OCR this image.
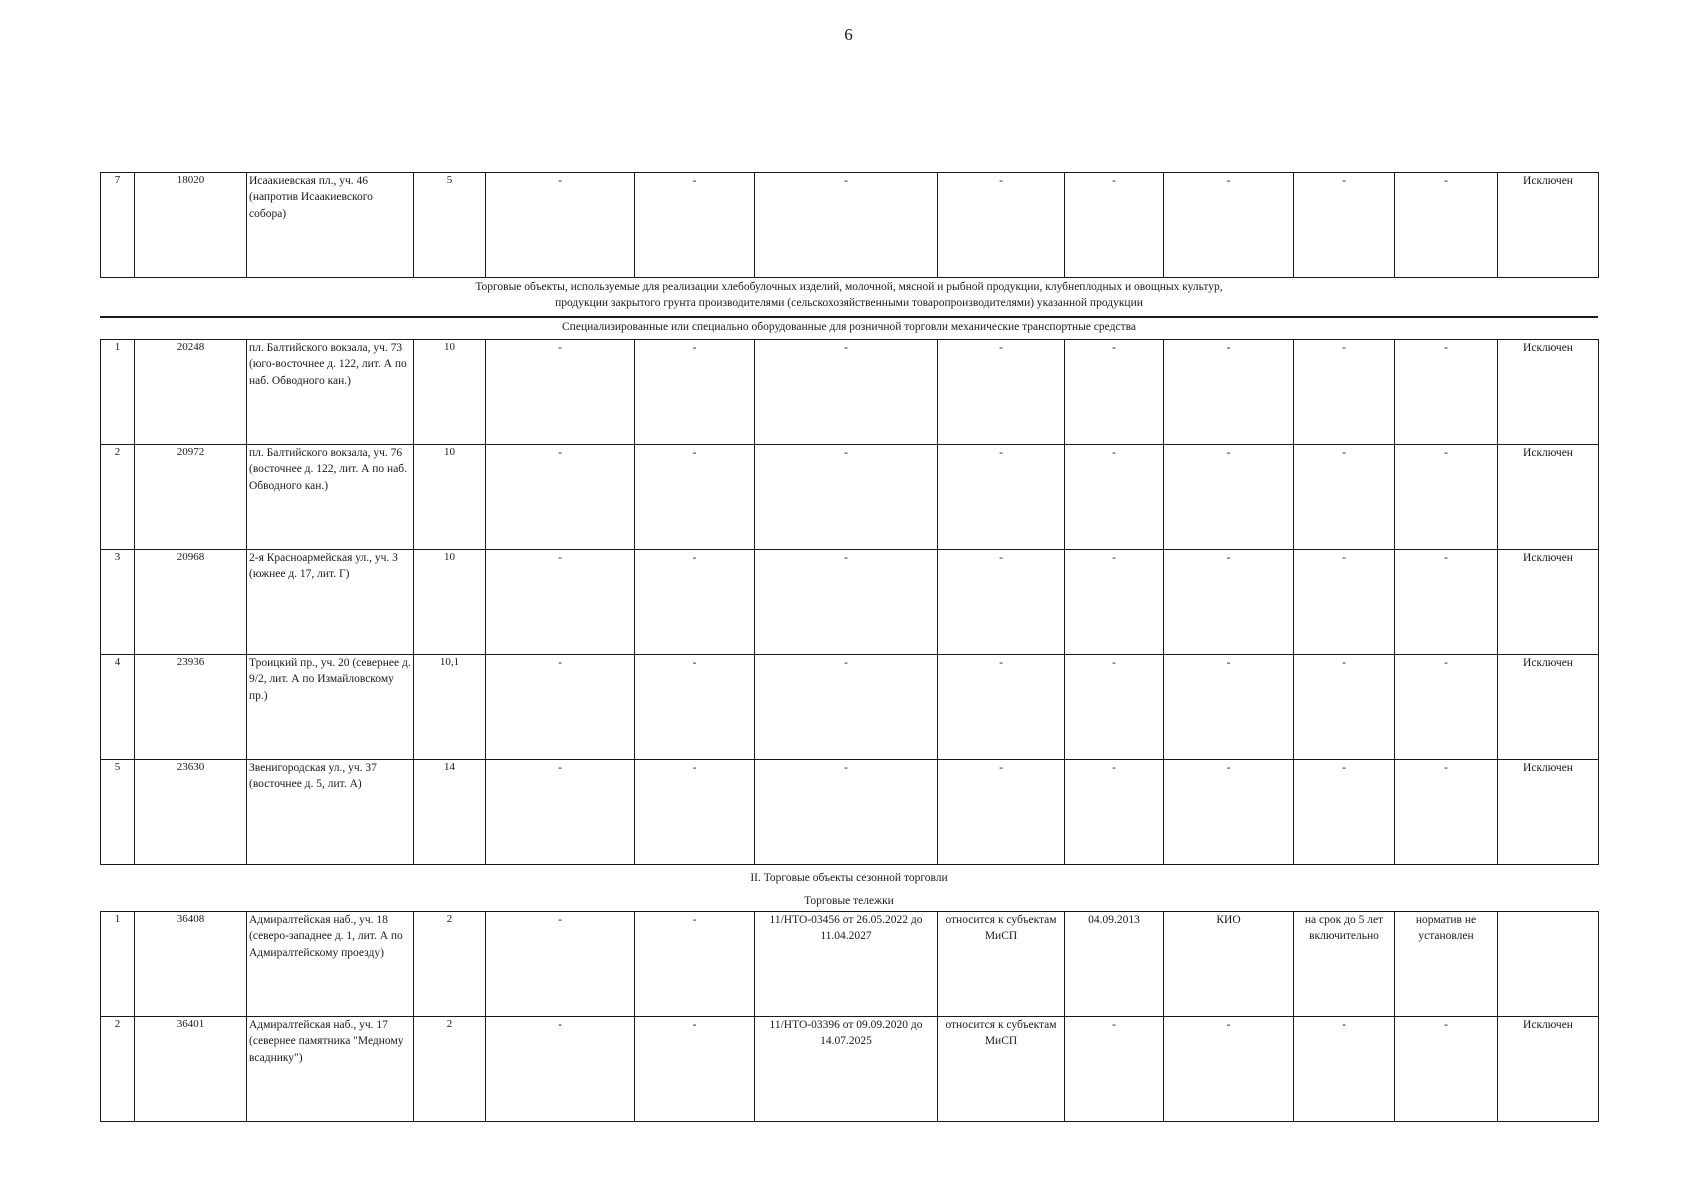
6
7	18020	Исаакиевская пл., уч. 46 (напротив Исаакиевского собора)	5	-	-	-	-	-	-	-	-	Исключен
Торговые объекты, используемые для реализации хлебобулочных изделий, молочной, мясной и рыбной продукции, клубнеплодных и овощных культур, продукции закрытого грунта производителями (сельскохозяйственными товаропроизводителями) указанной продукции
Специализированные или специально оборудованные для розничной торговли механические транспортные средства
1	20248	пл. Балтийского вокзала, уч. 73 (юго-восточнее д. 122, лит. А по наб. Обводного кан.)	10	-	-	-	-	-	-	-	-	Исключен
2	20972	пл. Балтийского вокзала, уч. 76 (восточнее д. 122, лит. А по наб. Обводного кан.)	10	-	-	-	-	-	-	-	-	Исключен
3	20968	2-я Красноармейская ул., уч. 3 (южнее д. 17, лит. Г)	10	-	-	-	-	-	-	-	-	Исключен
4	23936	Троицкий пр., уч. 20 (севернее д. 9/2, лит. А по Измайловскому пр.)	10,1	-	-	-	-	-	-	-	-	Исключен
5	23630	Звенигородская ул., уч. 37 (восточнее д. 5, лит. А)	14	-	-	-	-	-	-	-	-	Исключен
II. Торговые объекты сезонной торговли
Торговые тележки
1	36408	Адмиралтейская наб., уч. 18 (северо-западнее д. 1, лит. А по Адмиралтейскому проезду)	2	-	-	11/НТО-03456 от 26.05.2022 до 11.04.2027	относится к субъектам МиСП	04.09.2013	КИО	на срок до 5 лет включительно	норматив не установлен	
2	36401	Адмиралтейская наб., уч. 17 (севернее памятника "Медному всаднику")	2	-	-	11/НТО-03396 от 09.09.2020 до 14.07.2025	относится к субъектам МиСП	-	-	-	-	Исключен
